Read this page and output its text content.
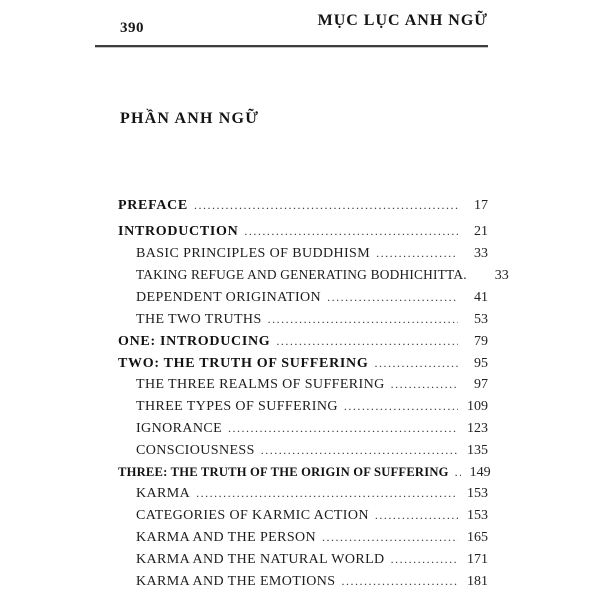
390	MỤC LỤC ANH NGỮ
PHẦN ANH NGỮ
PREFACE .....	17
INTRODUCTION .....	21
BASIC PRINCIPLES OF BUDDHISM .....	33
TAKING REFUGE AND GENERATING BODHICHITTA.	33
DEPENDENT ORIGINATION .....	41
THE TWO TRUTHS .....	53
ONE: INTRODUCING .....	79
TWO: THE TRUTH OF SUFFERING .....	95
THE THREE REALMS OF SUFFERING .....	97
THREE TYPES OF SUFFERING .....	109
IGNORANCE .....	123
CONSCIOUSNESS .....	135
THREE: THE TRUTH OF THE ORIGIN OF SUFFERING .....	149
KARMA .....	153
CATEGORIES OF KARMIC ACTION .....	153
KARMA AND THE PERSON .....	165
KARMA AND THE NATURAL WORLD .....	171
KARMA AND THE EMOTIONS .....	181
